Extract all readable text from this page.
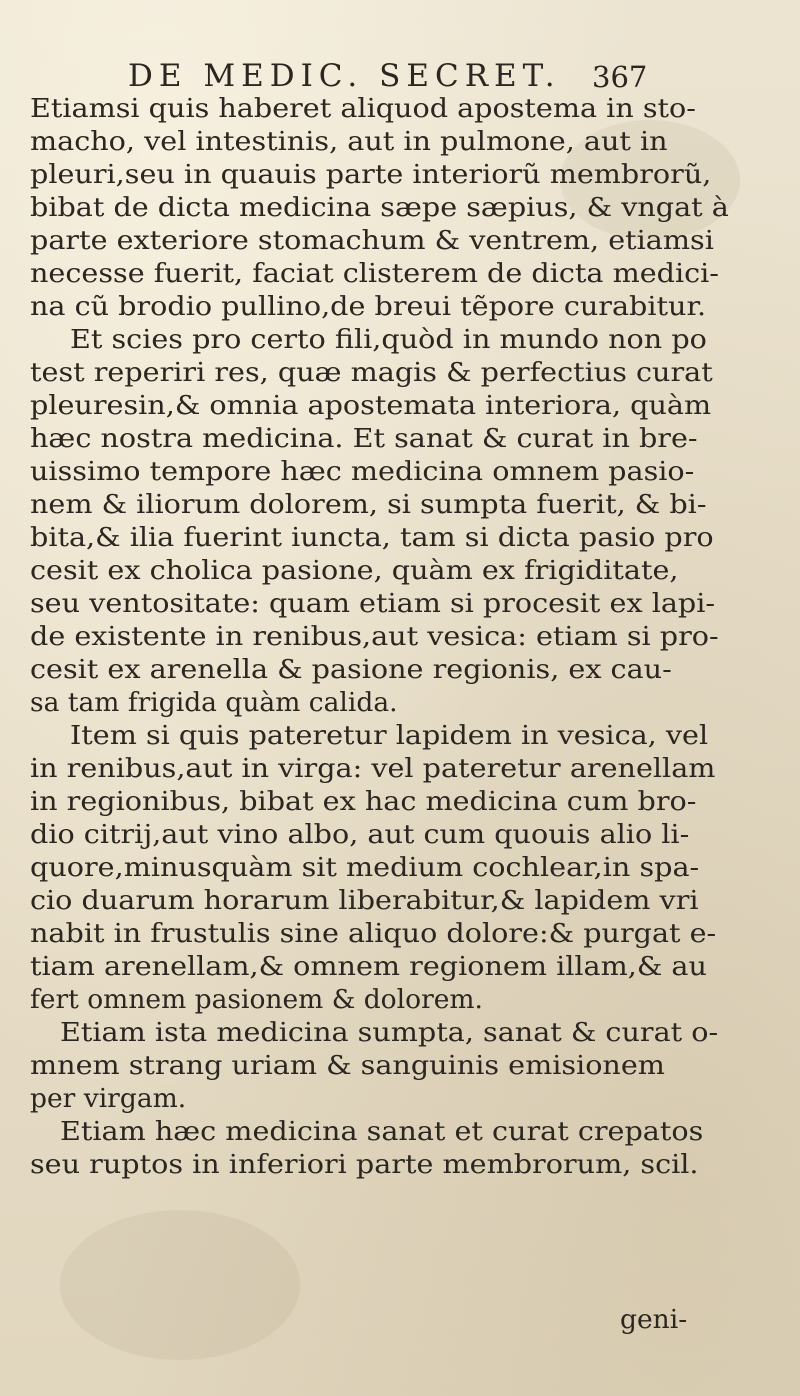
DE MEDIC. SECRET. 367
Etiamsi quis haberet aliquod apostema in sto-
macho, vel intestinis, aut in pulmone, aut in
pleuri,seu in quauis parte interiorũ membrorũ,
bibat de dicta medicina sæpe sæpius, & vngat à
parte exteriore stomachum & ventrem, etiamsi
necesse fuerit, faciat clisterem de dicta medici-
na cũ brodio pullino,de breui tẽpore curabitur.
Et scies pro certo fili,quòd in mundo non po
test reperiri res, quæ magis & perfectius curat
pleuresin,& omnia apostemata interiora, quàm
hæc nostra medicina. Et sanat & curat in bre-
uissimo tempore hæc medicina omnem pasio-
nem & iliorum dolorem, si sumpta fuerit, & bi-
bita,& ilia fuerint iuncta, tam si dicta pasio pro
cesit ex cholica pasione, quàm ex frigiditate,
seu ventositate: quam etiam si procesit ex lapi-
de existente in renibus,aut vesica: etiam si pro-
cesit ex arenella & pasione regionis, ex cau-
sa tam frigida quàm calida.
Item si quis pateretur lapidem in vesica, vel
in renibus,aut in virga: vel pateretur arenellam
in regionibus, bibat ex hac medicina cum bro-
dio citrij,aut vino albo, aut cum quouis alio li-
quore,minusquàm sit medium cochlear,in spa-
cio duarum horarum liberabitur,& lapidem vri
nabit in frustulis sine aliquo dolore:& purgat e-
tiam arenellam,& omnem regionem illam,& au
fert omnem pasionem & dolorem.
Etiam ista medicina sumpta, sanat & curat o-
mnem strang uriam & sanguinis emisionem
per virgam.
Etiam hæc medicina sanat et curat crepatos
seu ruptos in inferiori parte membrorum, scil.
geni-
